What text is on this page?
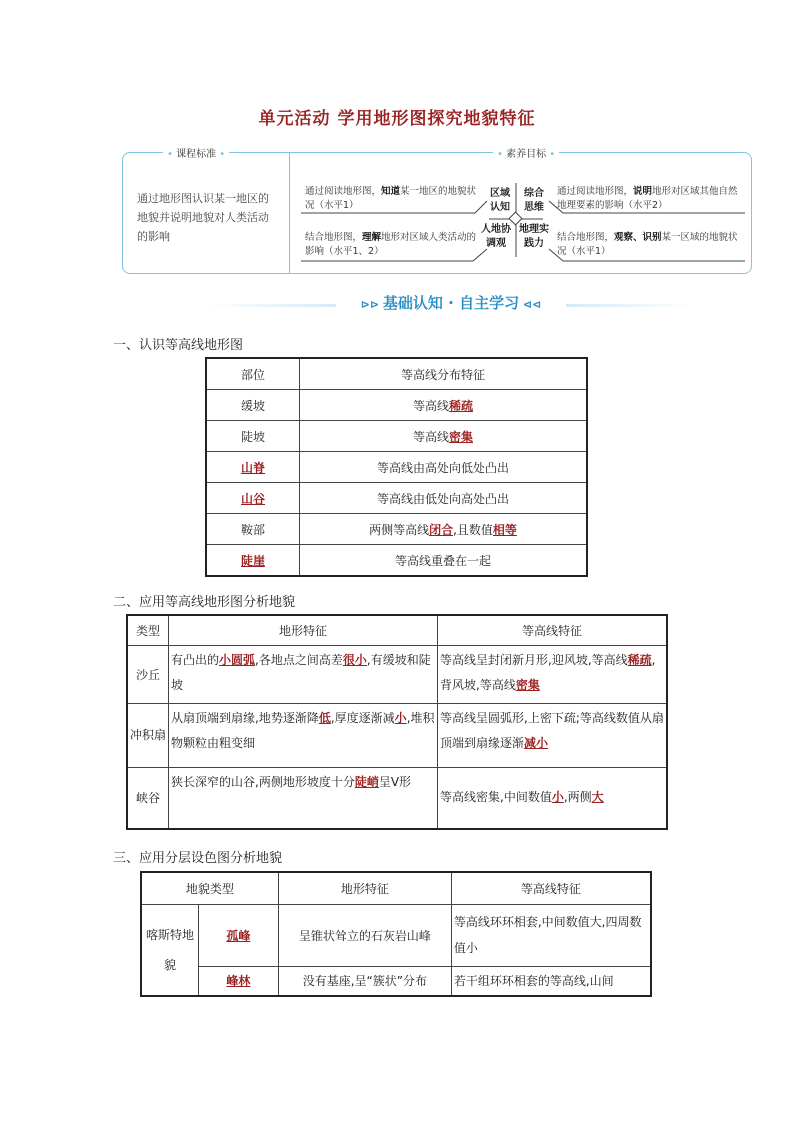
单元活动 学用地形图探究地貌特征
• 课程标准 •	• 素养目标 •
通过地形图认识某一地区的地貌并说明地貌对人类活动的影响
通过阅读地形图，知道某一地区的地貌状况（水平1）
通过阅读地形图，说明地形对区域其他自然地理要素的影响（水平2）
结合地形图，理解地形对区域人类活动的影响（水平1、2）
结合地形图，观察、识别某一区域的地貌状况（水平1）
区域认知
综合思维
人地协调观
地理实践力
⊳⊳ 基础认知 · 自主学习 ⊲⊲
一、认识等高线地形图
部位	等高线分布特征
缓坡	等高线稀疏
陡坡	等高线密集
山脊	等高线由高处向低处凸出
山谷	等高线由低处向高处凸出
鞍部	两侧等高线闭合,且数值相等
陡崖	等高线重叠在一起
二、应用等高线地形图分析地貌
类型	地形特征	等高线特征
沙丘	有凸出的小圆弧,各地点之间高差很小,有缓坡和陡坡	等高线呈封闭新月形,迎风坡,等高线稀疏,背风坡,等高线密集
冲积扇	从扇顶端到扇缘,地势逐渐降低,厚度逐渐减小,堆积物颗粒由粗变细	等高线呈圆弧形,上密下疏;等高线数值从扇顶端到扇缘逐渐减小
峡谷	狭长深窄的山谷,两侧地形坡度十分陡峭呈V形	等高线密集,中间数值小,两侧大
三、应用分层设色图分析地貌
地貌类型		地形特征	等高线特征
喀斯特地貌	孤峰	呈锥状耸立的石灰岩山峰	等高线环环相套,中间数值大,四周数值小
	峰林	没有基座,呈“簇状”分布	若干组环环相套的等高线,山间
